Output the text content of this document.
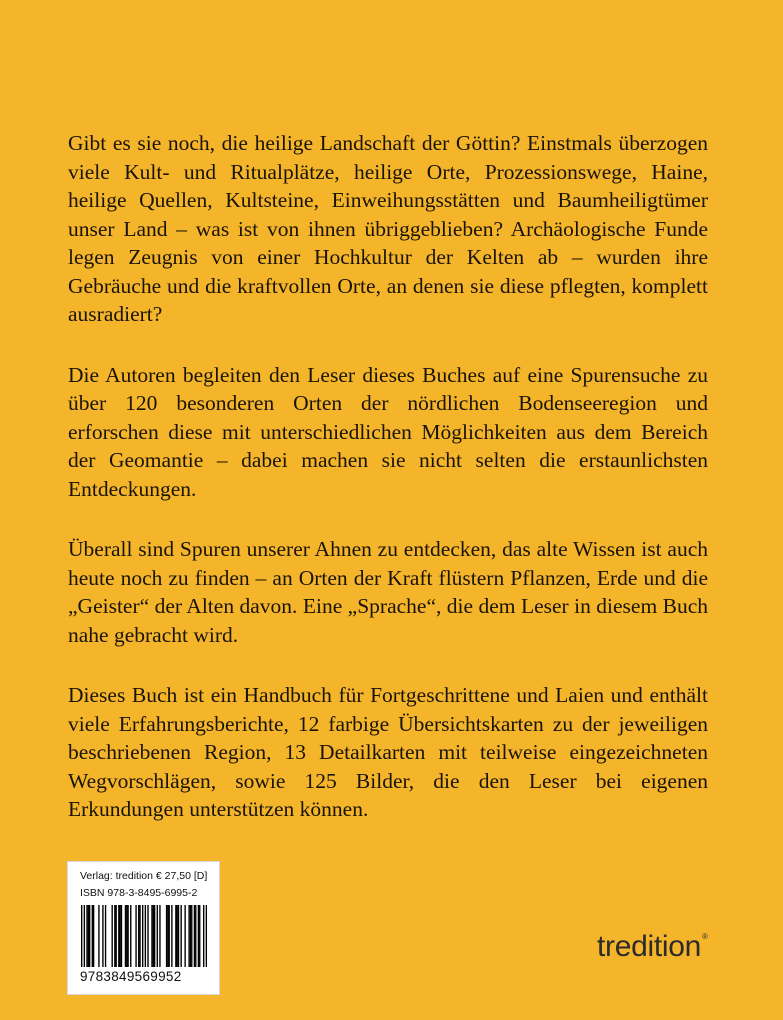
Gibt es sie noch, die heilige Landschaft der Göttin? Einstmals überzogen viele Kult- und Ritualplätze, heilige Orte, Prozessionswege, Haine, heilige Quellen, Kultsteine, Einweihungsstätten und Baumheiligtümer unser Land – was ist von ihnen übriggeblieben? Archäologische Funde legen Zeugnis von einer Hochkultur der Kelten ab – wurden ihre Gebräuche und die kraftvollen Orte, an denen sie diese pflegten, komplett ausradiert?

Die Autoren begleiten den Leser dieses Buches auf eine Spurensuche zu über 120 besonderen Orten der nördlichen Bodenseeregion und erforschen diese mit unterschiedlichen Möglichkeiten aus dem Bereich der Geomantie – dabei machen sie nicht selten die erstaunlichsten Entdeckungen.

Überall sind Spuren unserer Ahnen zu entdecken, das alte Wissen ist auch heute noch zu finden – an Orten der Kraft flüstern Pflanzen, Erde und die „Geister“ der Alten davon. Eine „Sprache“, die dem Leser in diesem Buch nahe gebracht wird.

Dieses Buch ist ein Handbuch für Fortgeschrittene und Laien und enthält viele Erfahrungsberichte, 12 farbige Übersichtskarten zu der jeweiligen beschriebenen Region, 13 Detailkarten mit teilweise eingezeichneten Wegvorschlägen, sowie 125 Bilder, die den Leser bei eigenen Erkundungen unterstützen können.

Verlag: tredition € 27,50 [D]
ISBN 978-3-8495-6995-2
9783849569952
tredition®
